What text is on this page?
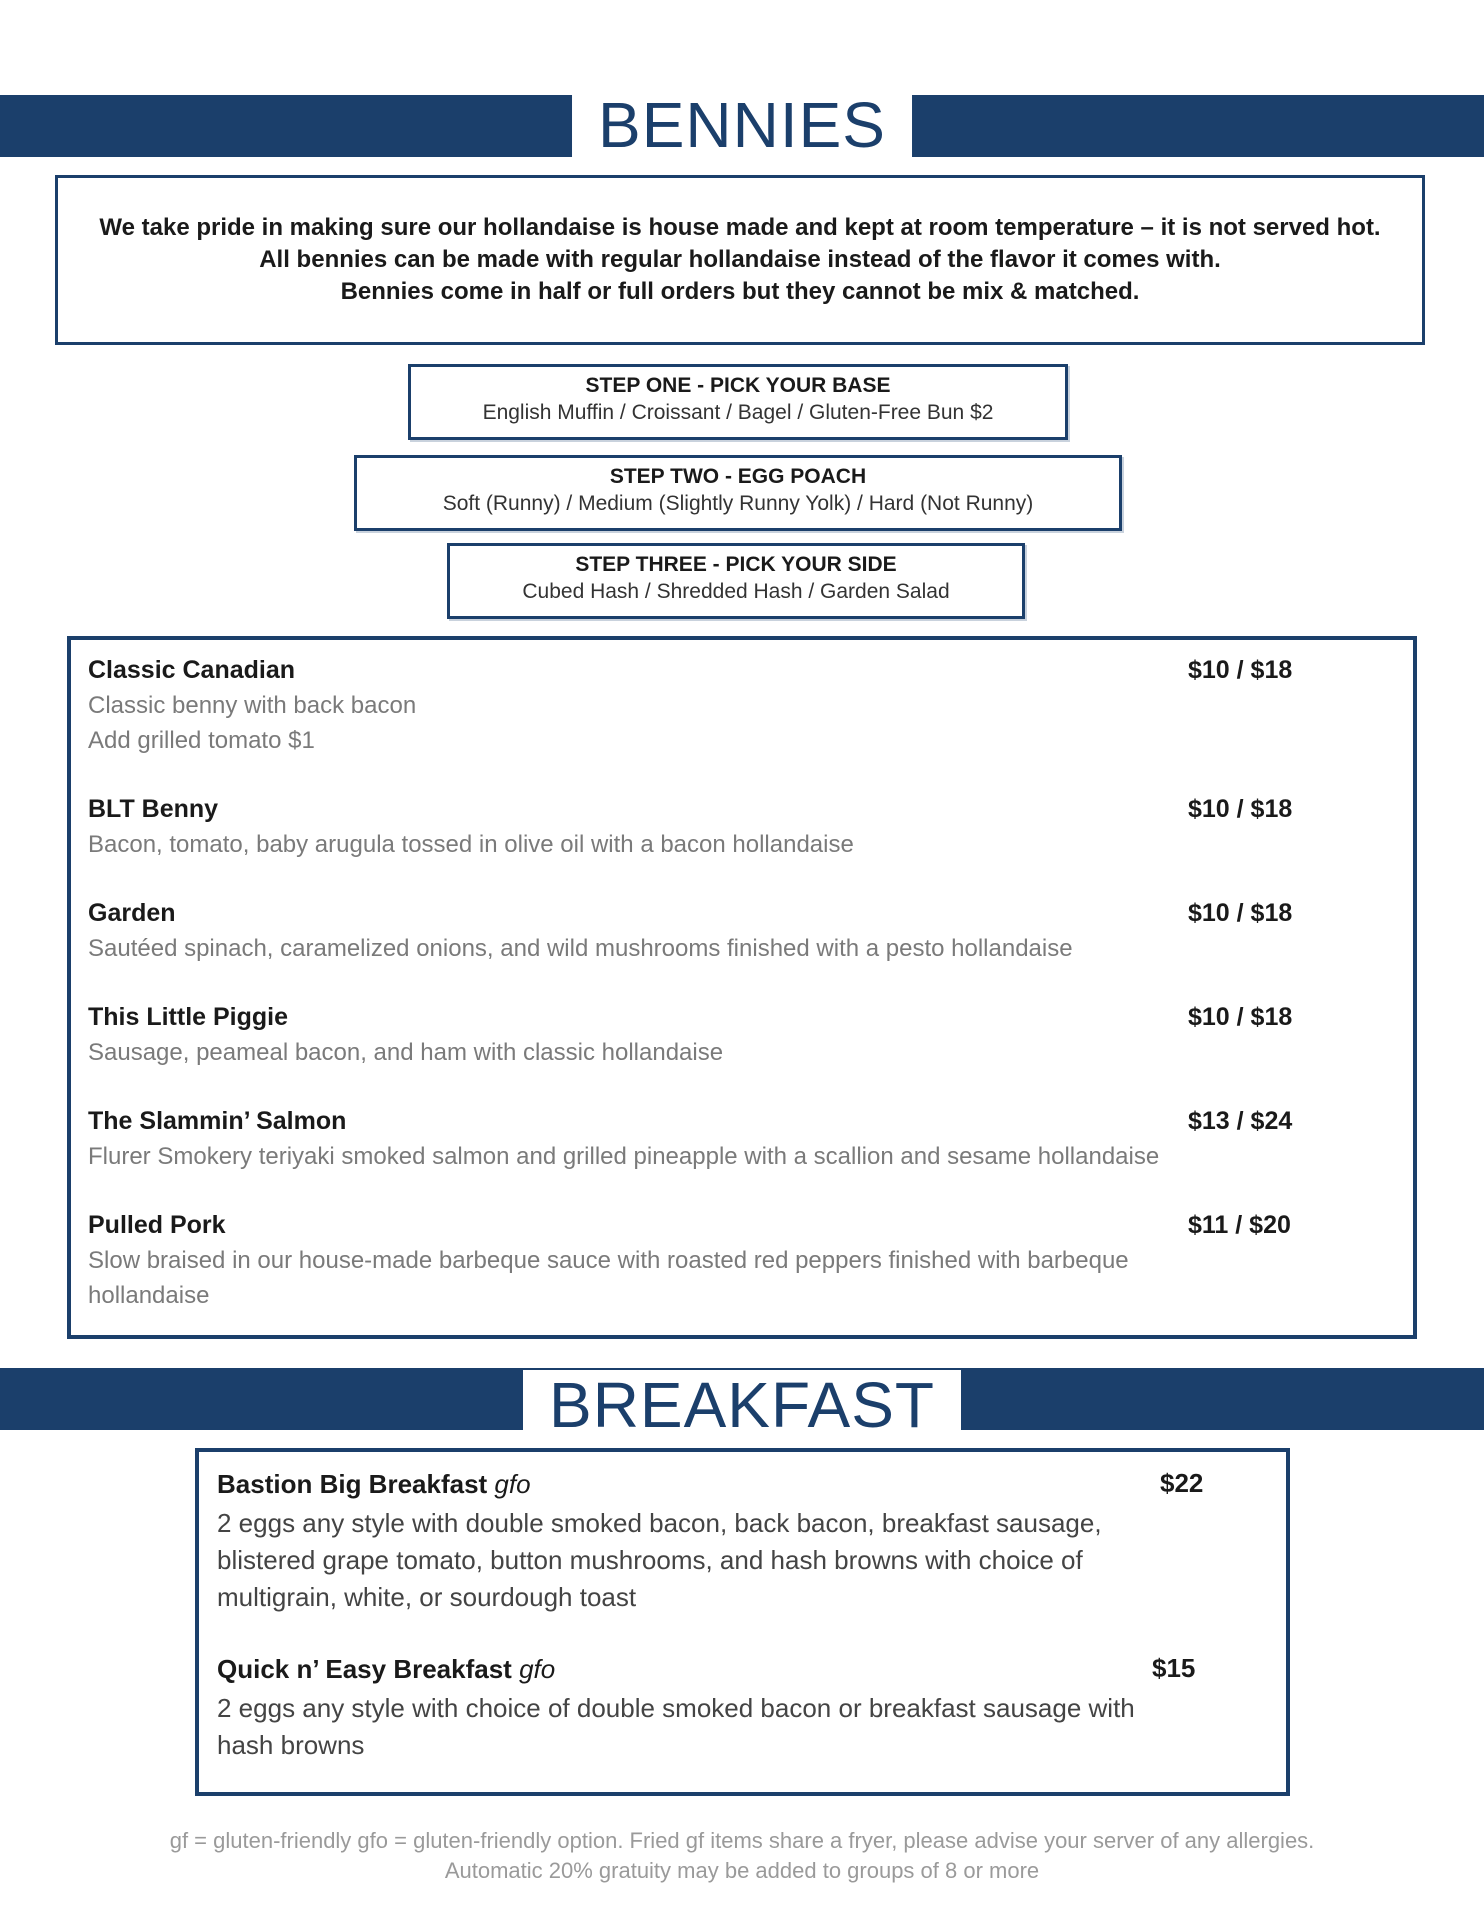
BENNIES
We take pride in making sure our hollandaise is house made and kept at room temperature – it is not served hot.
All bennies can be made with regular hollandaise instead of the flavor it comes with.
Bennies come in half or full orders but they cannot be mix & matched.
STEP ONE - PICK YOUR BASE
English Muffin / Croissant / Bagel / Gluten-Free Bun $2
STEP TWO - EGG POACH
Soft (Runny) / Medium (Slightly Runny Yolk) / Hard (Not Runny)
STEP THREE - PICK YOUR SIDE
Cubed Hash / Shredded Hash / Garden Salad
Classic Canadian	$10 / $18
Classic benny with back bacon
Add grilled tomato $1
BLT Benny	$10 / $18
Bacon, tomato, baby arugula tossed in olive oil with a bacon hollandaise
Garden	$10 / $18
Sautéed spinach, caramelized onions, and wild mushrooms finished with a pesto hollandaise
This Little Piggie	$10 / $18
Sausage, peameal bacon, and ham with classic hollandaise
The Slammin’ Salmon	$13 / $24
Flurer Smokery teriyaki smoked salmon and grilled pineapple with a scallion and sesame hollandaise
Pulled Pork	$11 / $20
Slow braised in our house-made barbeque sauce with roasted red peppers finished with barbeque
hollandaise
BREAKFAST
Bastion Big Breakfast gfo	$22
2 eggs any style with double smoked bacon, back bacon, breakfast sausage,
blistered grape tomato, button mushrooms, and hash browns with choice of
multigrain, white, or sourdough toast
Quick n’ Easy Breakfast gfo	$15
2 eggs any style with choice of double smoked bacon or breakfast sausage with
hash browns
gf = gluten-friendly gfo = gluten-friendly option. Fried gf items share a fryer, please advise your server of any allergies.
Automatic 20% gratuity may be added to groups of 8 or more
